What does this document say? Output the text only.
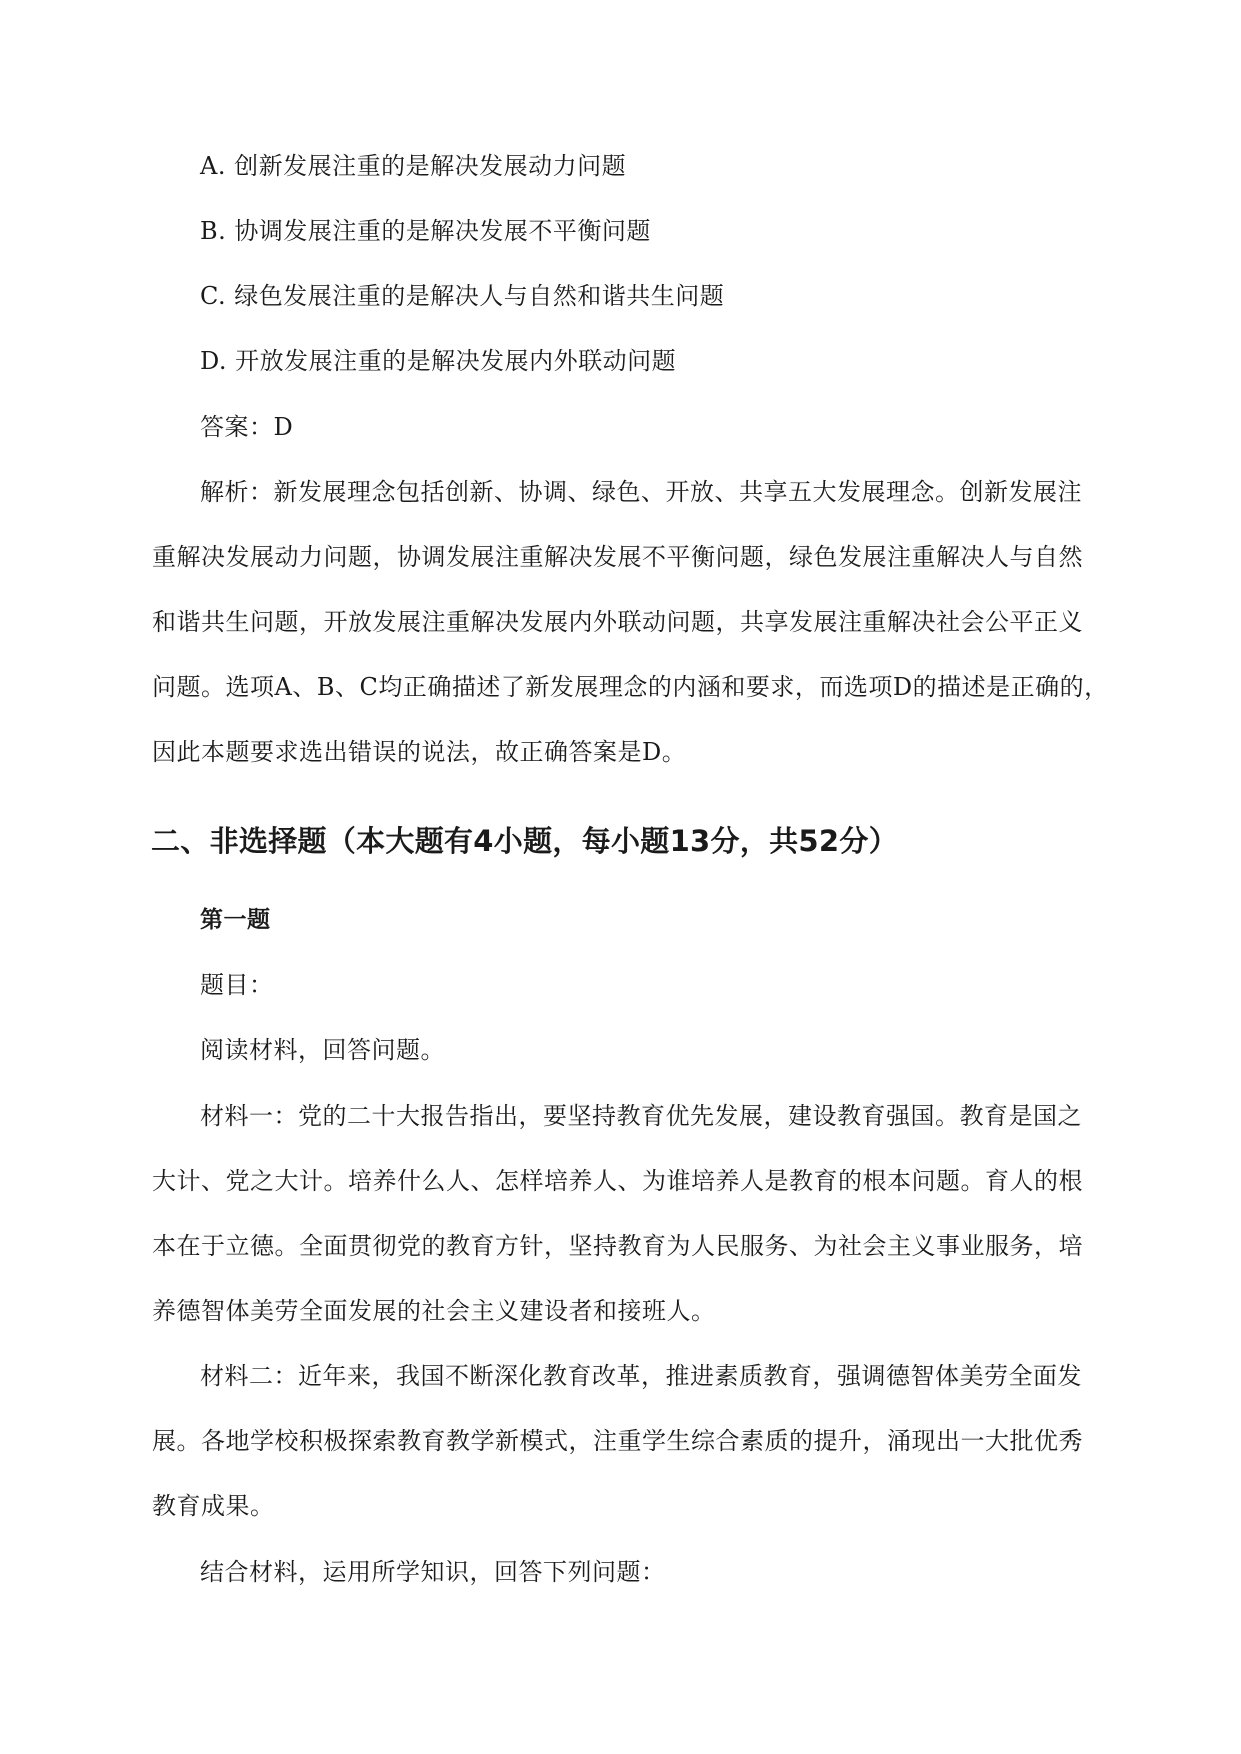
A. 创新发展注重的是解决发展动力问题
B. 协调发展注重的是解决发展不平衡问题
C. 绿色发展注重的是解决人与自然和谐共生问题
D. 开放发展注重的是解决发展内外联动问题
答案：D
解析：新发展理念包括创新、协调、绿色、开放、共享五大发展理念。创新发展注
重解决发展动力问题，协调发展注重解决发展不平衡问题，绿色发展注重解决人与自然
和谐共生问题，开放发展注重解决发展内外联动问题，共享发展注重解决社会公平正义
问题。选项A、B、C均正确描述了新发展理念的内涵和要求，而选项D的描述是正确的，
因此本题要求选出错误的说法，故正确答案是D。
二、非选择题（本大题有4小题，每小题13分，共52分）
第一题
题目：
阅读材料，回答问题。
材料一：党的二十大报告指出，要坚持教育优先发展，建设教育强国。教育是国之
大计、党之大计。培养什么人、怎样培养人、为谁培养人是教育的根本问题。育人的根
本在于立德。全面贯彻党的教育方针，坚持教育为人民服务、为社会主义事业服务，培
养德智体美劳全面发展的社会主义建设者和接班人。
材料二：近年来，我国不断深化教育改革，推进素质教育，强调德智体美劳全面发
展。各地学校积极探索教育教学新模式，注重学生综合素质的提升，涌现出一大批优秀
教育成果。
结合材料，运用所学知识，回答下列问题：
